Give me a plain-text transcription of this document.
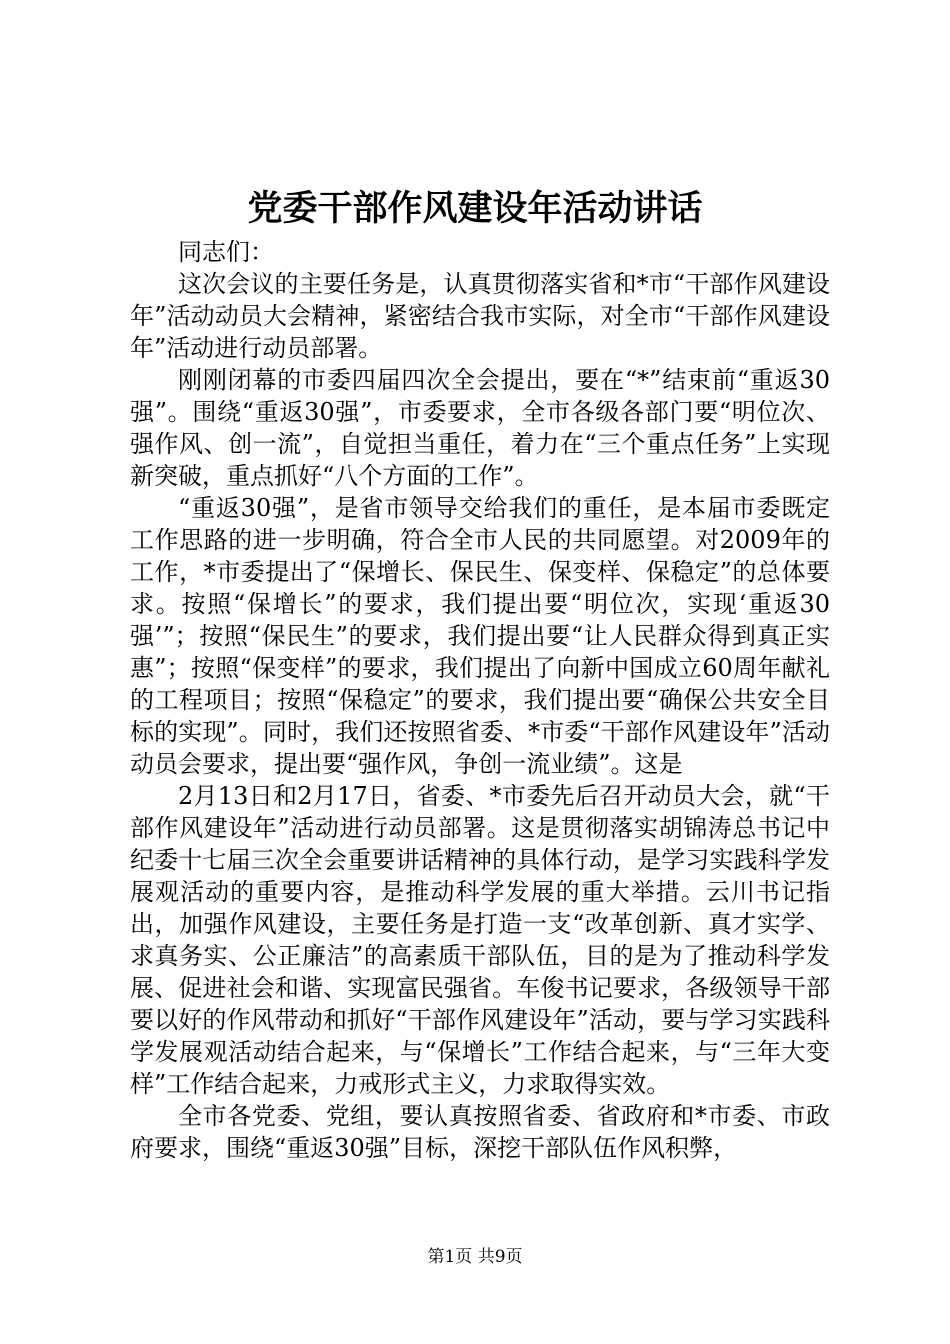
党委干部作风建设年活动讲话

同志们：

这次会议的主要任务是，认真贯彻落实省和*市“干部作风建设年”活动动员大会精神，紧密结合我市实际，对全市“干部作风建设年”活动进行动员部署。

刚刚闭幕的市委四届四次全会提出，要在“*”结束前“重返30强”。围绕“重返30强”，市委要求，全市各级各部门要“明位次、强作风、创一流”，自觉担当重任，着力在“三个重点任务”上实现新突破，重点抓好“八个方面的工作”。

“重返30强”，是省市领导交给我们的重任，是本届市委既定工作思路的进一步明确，符合全市人民的共同愿望。对2009年的工作，*市委提出了“保增长、保民生、保变样、保稳定”的总体要求。按照“保增长”的要求，我们提出要“明位次，实现‘重返30强’”；按照“保民生”的要求，我们提出要“让人民群众得到真正实惠”；按照“保变样”的要求，我们提出了向新中国成立60周年献礼的工程项目；按照“保稳定”的要求，我们提出要“确保公共安全目标的实现”。同时，我们还按照省委、*市委“干部作风建设年”活动动员会要求，提出要“强作风，争创一流业绩”。这是

2月13日和2月17日，省委、*市委先后召开动员大会，就“干部作风建设年”活动进行动员部署。这是贯彻落实胡锦涛总书记中纪委十七届三次全会重要讲话精神的具体行动，是学习实践科学发展观活动的重要内容，是推动科学发展的重大举措。云川书记指出，加强作风建设，主要任务是打造一支“改革创新、真才实学、求真务实、公正廉洁”的高素质干部队伍，目的是为了推动科学发展、促进社会和谐、实现富民强省。车俊书记要求，各级领导干部要以好的作风带动和抓好“干部作风建设年”活动，要与学习实践科学发展观活动结合起来，与“保增长”工作结合起来，与“三年大变样”工作结合起来，力戒形式主义，力求取得实效。

全市各党委、党组，要认真按照省委、省政府和*市委、市政府要求，围绕“重返30强”目标，深挖干部队伍作风积弊，

第1页 共9页
